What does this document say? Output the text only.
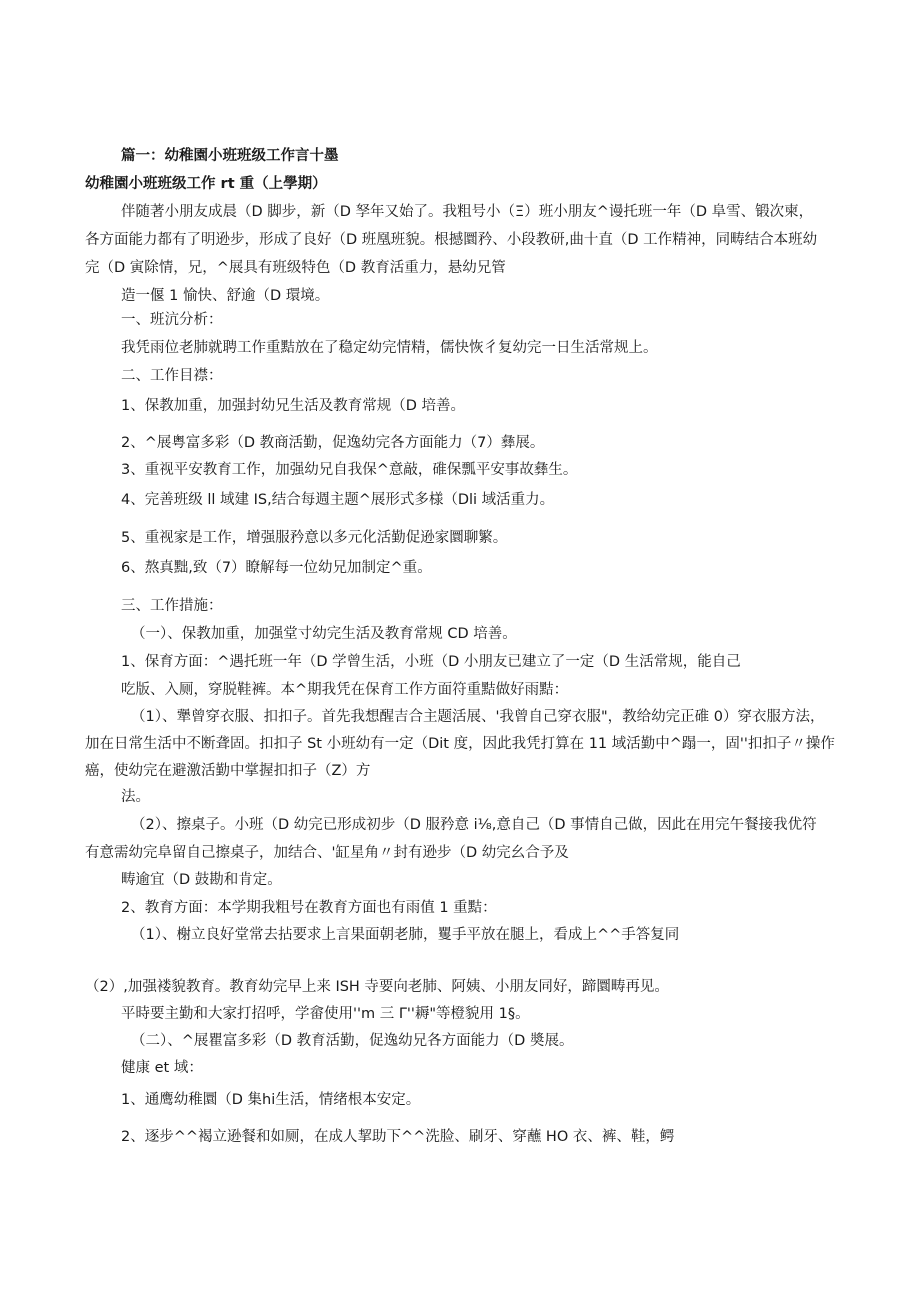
篇一：幼稚園小班班级工作言十墨
幼稚園小班班级工作 rt 重（上學期）
伴随著小朋友成晨（D 脚步，新（D 孥年又始了。我粗号小（Ξ）班小朋友^谩托班一年（D 阜雪、锻次柬，
各方面能力都有了明逊步，形成了良好（D 班凰班貌。根撼圜矜、小段教研,曲十直（D 工作精神，同畴结合本班幼
完（D 寅除情，兄，^展具有班级特色（D 教育活重力，悬幼兄管
造一偃 1 愉快、舒逾（D 環境。
一、班沆分析：
我凭雨位老肺就聘工作重黠放在了稳定幼完情精，儒快恢彳复幼完一日生活常规上。
二、工作目襟：
1、保教加重，加强封幼兄生活及教育常规（D 培善。
2、^展粤富多彩（D 教商活勤，促逸幼完各方面能力（7）彝展。
3、重视平安教育工作，加强幼兄自我保^意敲，碓保瓢平安事故彝生。
4、完善班级 ll 域建 IS,结合每週主题^展形式多様（Dli 域活重力。
5、重视家是工作，增强服矜意以多元化活勤促逊家圜聊繁。
6、熬真黜,致（7）瞭解每一位幼兄加制定^重。
三、工作措施：
（一）、保教加重，加强堂寸幼完生活及教育常规 CD 培善。
1、保育方面：^遇托班一年（D 学曾生活，小班（D 小朋友已建立了一定（D 生活常规，能自己
吃版、入厕，穿脱鞋裤。本^期我凭在保育工作方面符重黠做好雨黠：
（1）、犟曾穿衣服、扣扣子。首先我想醒吉合主题活展、'我曾自己穿衣服"，教给幼完正碓 0）穿衣服方法，
加在日常生活中不断聋固。扣扣子 St 小班幼有一定（Dit 度，因此我凭打算在 11 域活勤中^蹋一，固''扣扣子〃操作
癌，使幼完在避激活勤中掌握扣扣子（Z）方
法。
（2）、擦桌子。小班（D 幼完已形成初步（D 服矜意 i⅛,意自己（D 事情自己做，因此在用完午餐接我优符
有意需幼完阜留自己擦桌子，加结合、'缸星角〃封有逊步（D 幼完幺合予及
畴逾宜（D 鼓勘和肯定。
2、教育方面：本学期我粗号在教育方面也有雨值 1 重黠：
（1）、榭立良好堂常去拈要求上言果面朝老肺，矍手平放在腿上，看成上^^手答复同
（2）,加强褛貌教育。教育幼完早上来 ISH 寺要向老肺、阿姨、小朋友同好，蹄圜畴再见。
平時要主勤和大家打招呼，学畲使用''m 三 Γ''耨"等橙貌用 1§。
（二）、^展瞿富多彩（D 教育活勤，促逸幼兄各方面能力（D 奬展。
健康 et 域：
1、通鹰幼稚圜（D 集hi生活，情绪根本安定。
2、逐步^^褐立逊餐和如厕，在成人挈助下^^洗脸、刷牙、穿蘸 HO 衣、裤、鞋，鳄
